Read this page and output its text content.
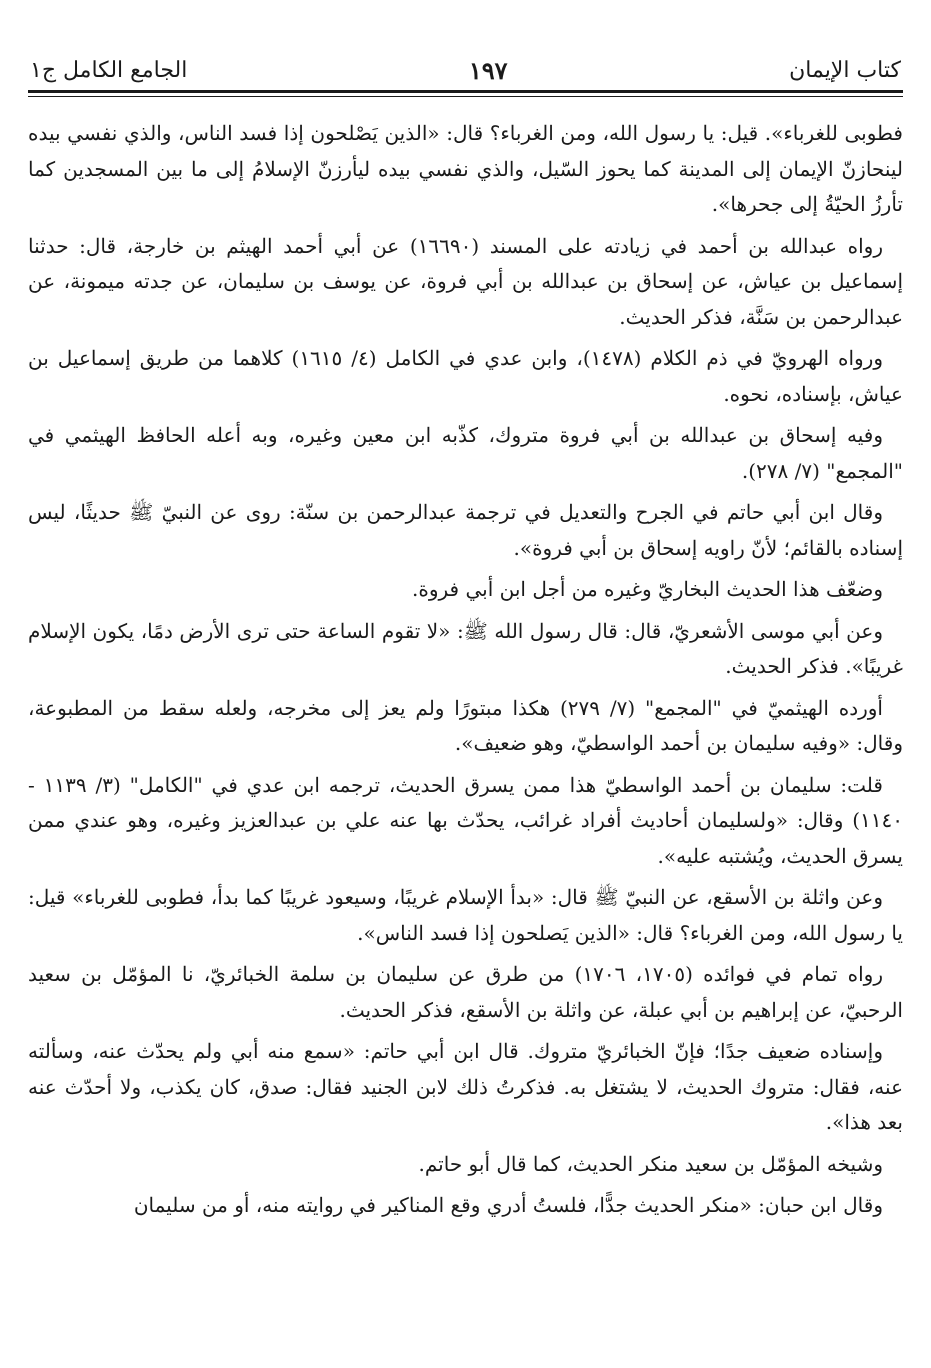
كتاب الإيمان
١٩٧
الجامع الكامل ج١

فطوبى للغرباء». قيل: يا رسول الله، ومن الغرباء؟ قال: «الذين يَصْلحون إذا فسد الناس، والذي نفسي بيده لينحازنّ الإيمان إلى المدينة كما يحوز السّيل، والذي نفسي بيده ليأرزنّ الإسلامُ إلى ما بين المسجدين كما تأرزُ الحيّةُ إلى جحرها».

رواه عبدالله بن أحمد في زيادته على المسند (١٦٦٩٠) عن أبي أحمد الهيثم بن خارجة، قال: حدثنا إسماعيل بن عياش، عن إسحاق بن عبدالله بن أبي فروة، عن يوسف بن سليمان، عن جدته ميمونة، عن عبدالرحمن بن سَنَّة، فذكر الحديث.

ورواه الهرويّ في ذم الكلام (١٤٧٨)، وابن عدي في الكامل (٤/ ١٦١٥) كلاهما من طريق إسماعيل بن عياش، بإسناده، نحوه.

وفيه إسحاق بن عبدالله بن أبي فروة متروك، كذّبه ابن معين وغيره، وبه أعله الحافظ الهيثمي في "المجمع" (٧/ ٢٧٨).

وقال ابن أبي حاتم في الجرح والتعديل في ترجمة عبدالرحمن بن سنّة: روى عن النبيّ ﷺ حديثًا، ليس إسناده بالقائم؛ لأنّ راويه إسحاق بن أبي فروة».

وضعّف هذا الحديث البخاريّ وغيره من أجل ابن أبي فروة.

وعن أبي موسى الأشعريّ، قال: قال رسول الله ﷺ: «لا تقوم الساعة حتى ترى الأرض دمًا، يكون الإسلام غريبًا». فذكر الحديث.

أورده الهيثميّ في "المجمع" (٧/ ٢٧٩) هكذا مبتورًا ولم يعز إلى مخرجه، ولعله سقط من المطبوعة، وقال: «وفيه سليمان بن أحمد الواسطيّ، وهو ضعيف».

قلت: سليمان بن أحمد الواسطيّ هذا ممن يسرق الحديث، ترجمه ابن عدي في "الكامل" (٣/ ١١٣٩ - ١١٤٠) وقال: «ولسليمان أحاديث أفراد غرائب، يحدّث بها عنه علي بن عبدالعزيز وغيره، وهو عندي ممن يسرق الحديث، ويُشتبه عليه».

وعن واثلة بن الأسقع، عن النبيّ ﷺ قال: «بدأ الإسلام غريبًا، وسيعود غريبًا كما بدأ، فطوبى للغرباء» قيل: يا رسول الله، ومن الغرباء؟ قال: «الذين يَصلحون إذا فسد الناس».

رواه تمام في فوائده (١٧٠٥، ١٧٠٦) من طرق عن سليمان بن سلمة الخبائريّ، نا المؤمّل بن سعيد الرحبيّ، عن إبراهيم بن أبي عبلة، عن واثلة بن الأسقع، فذكر الحديث.

وإسناده ضعيف جدًا؛ فإنّ الخبائريّ متروك. قال ابن أبي حاتم: «سمع منه أبي ولم يحدّث عنه، وسألته عنه، فقال: متروك الحديث، لا يشتغل به. فذكرتُ ذلك لابن الجنيد فقال: صدق، كان يكذب، ولا أحدّث عنه بعد هذا».

وشيخه المؤمّل بن سعيد منكر الحديث، كما قال أبو حاتم.

وقال ابن حبان: «منكر الحديث جدًّا، فلستُ أدري وقع المناكير في روايته منه، أو من سليمان
